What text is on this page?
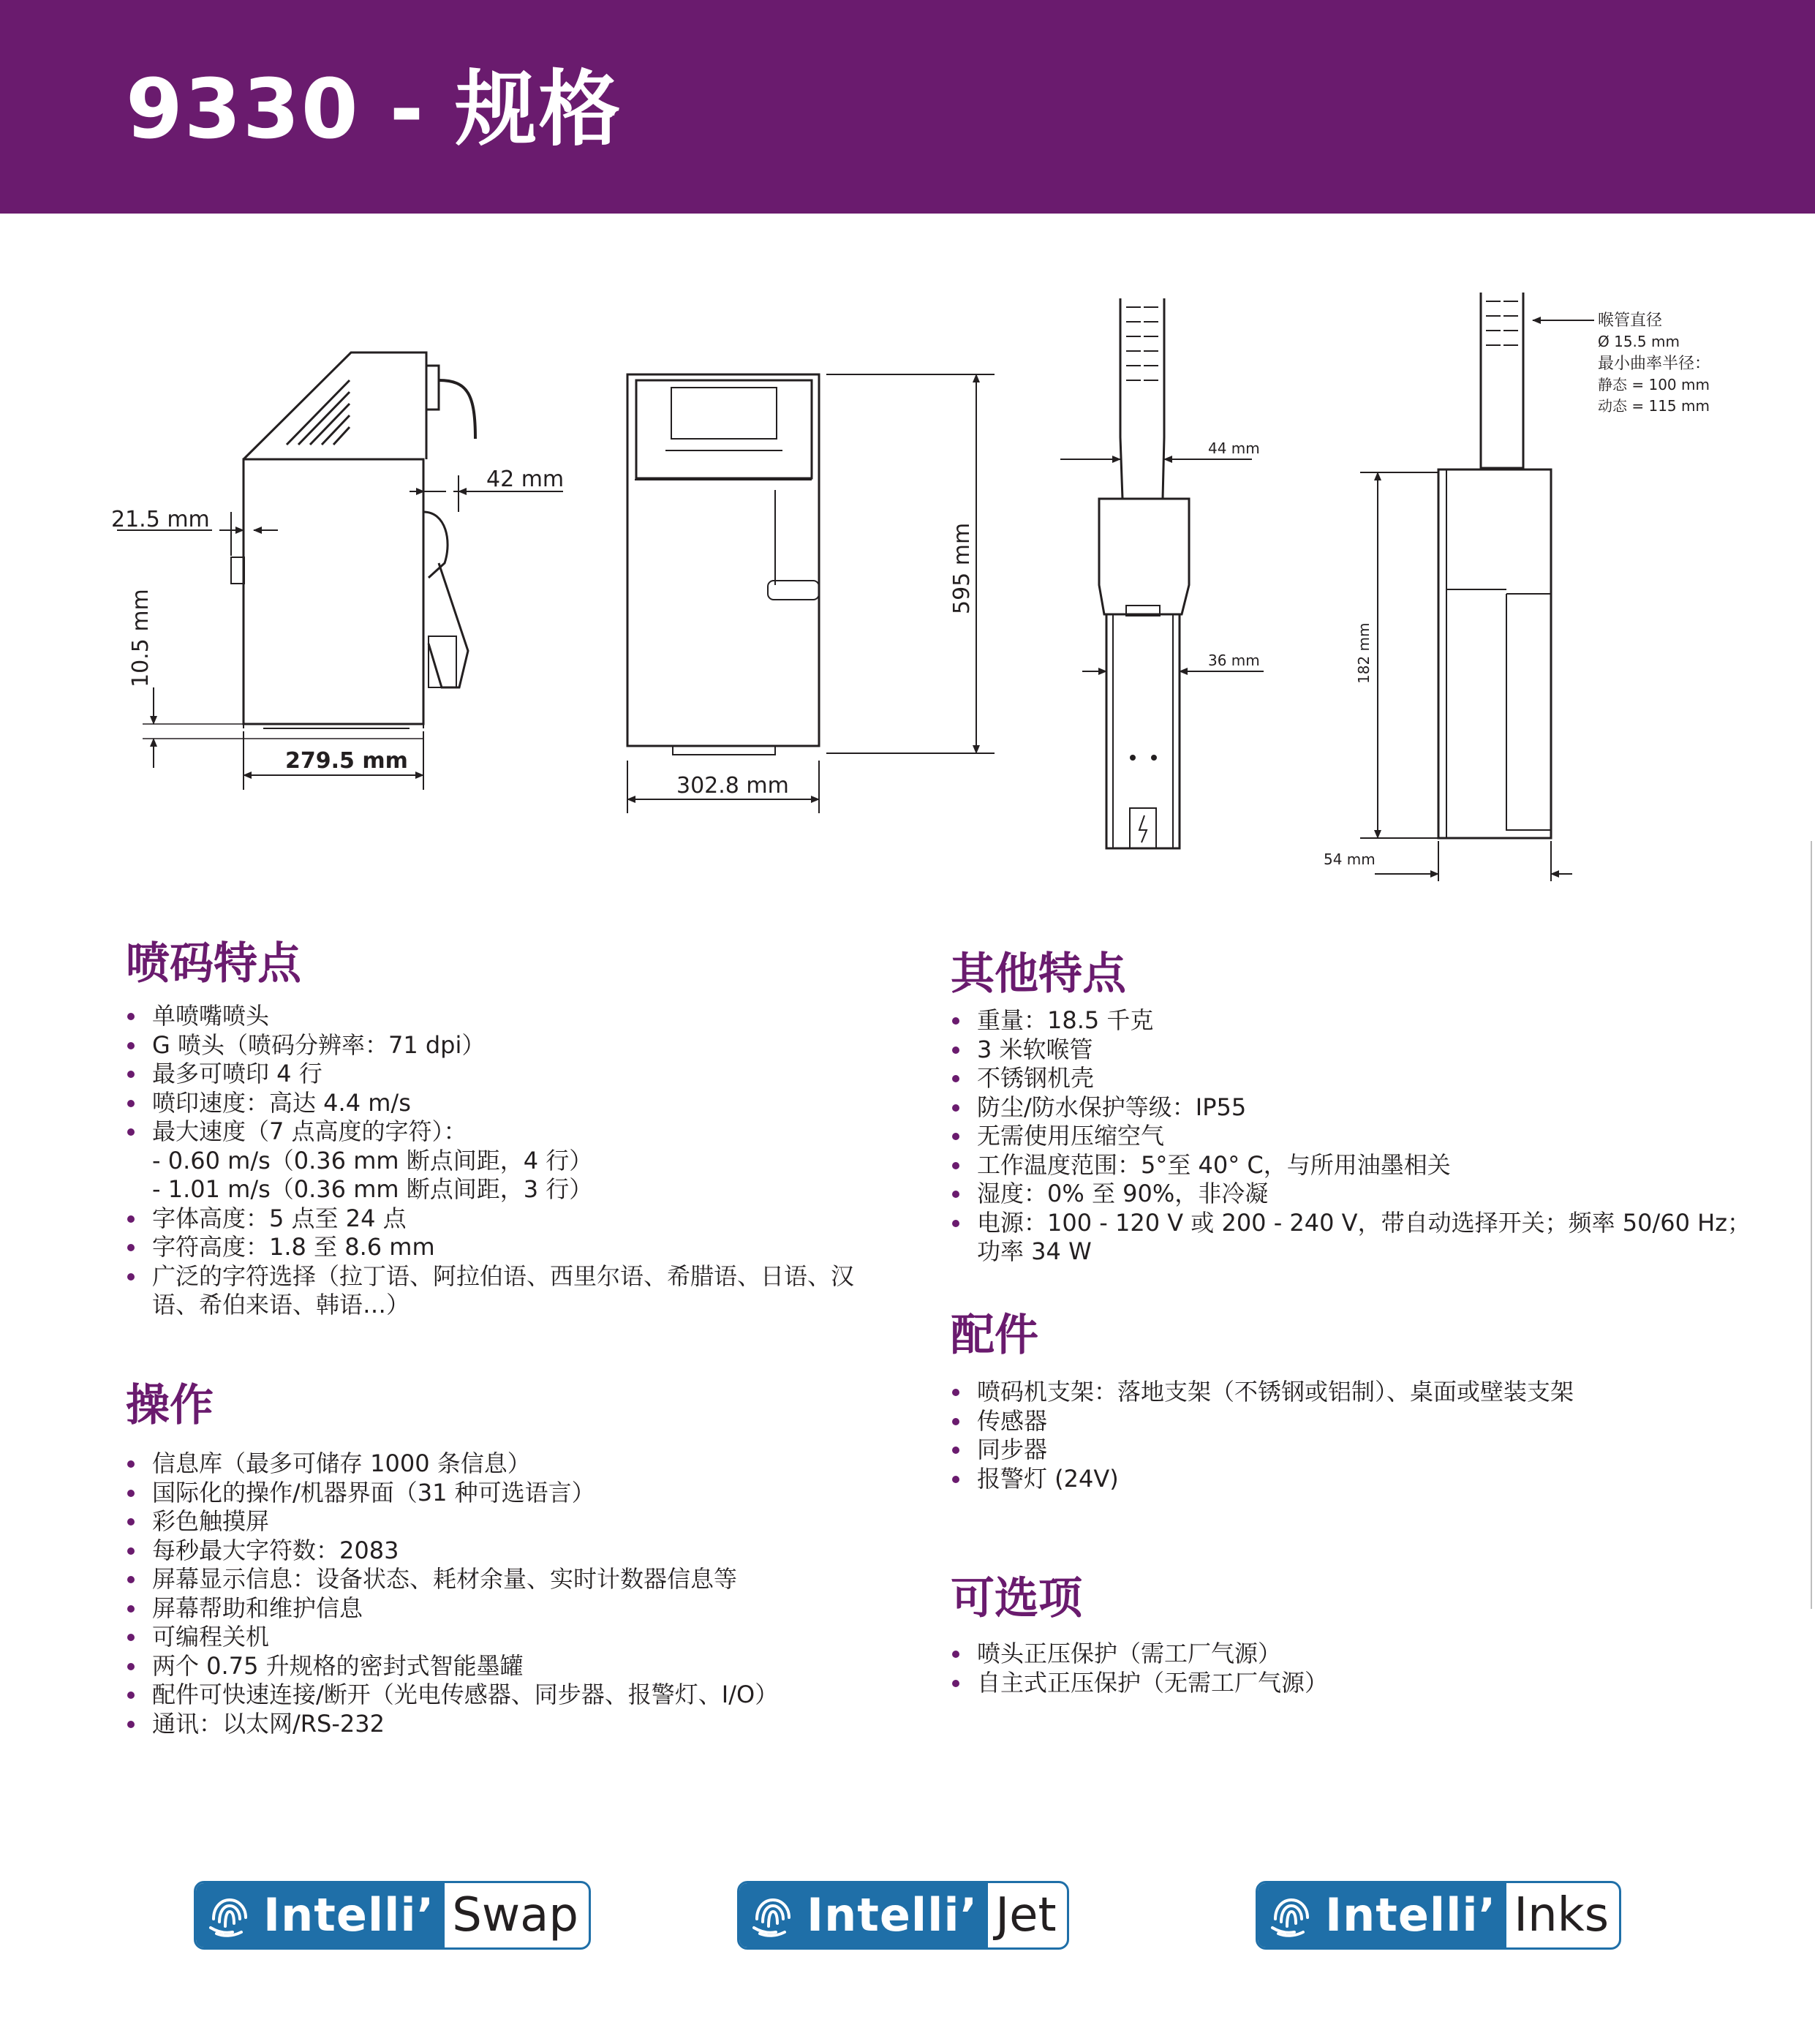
9330 - 规格
21.5 mm
42 mm
10.5 mm
279.5 mm
595 mm
302.8 mm
44 mm
36 mm	182 mm
54 mm
喉管直径
Ø 15.5 mm
最小曲率半径：
静态 = 100 mm
动态 = 115 mm
喷码特点
单喷嘴喷头
G 喷头（喷码分辨率：71 dpi）
最多可喷印 4 行
喷印速度：高达 4.4 m/s
最大速度（7 点高度的字符）：
- 0.60 m/s（0.36 mm 断点间距，4 行）
- 1.01 m/s（0.36 mm 断点间距，3 行）
字体高度：5 点至 24 点
字符高度：1.8 至 8.6 mm
广泛的字符选择（拉丁语、阿拉伯语、西里尔语、希腊语、日语、汉
语、希伯来语、韩语…）
操作
信息库（最多可储存 1000 条信息）
国际化的操作/机器界面（31 种可选语言）
彩色触摸屏
每秒最大字符数：2083
屏幕显示信息：设备状态、耗材余量、实时计数器信息等
屏幕帮助和维护信息
可编程关机
两个 0.75 升规格的密封式智能墨罐
配件可快速连接/断开（光电传感器、同步器、报警灯、I/O）
通讯：以太网/RS-232
其他特点
重量：18.5 千克
3 米软喉管
不锈钢机壳
防尘/防水保护等级：IP55
无需使用压缩空气
工作温度范围：5°至 40° C，与所用油墨相关
湿度：0% 至 90%，非冷凝
电源：100 - 120 V 或 200 - 240 V，带自动选择开关；频率 50/60 Hz；
功率 34 W
配件
喷码机支架：落地支架（不锈钢或铝制）、桌面或壁装支架
传感器
同步器
报警灯 (24V)
可选项
喷头正压保护（需工厂气源）
自主式正压保护（无需工厂气源）
Intelli’ Swap	Intelli’ Jet	Intelli’ Inks
